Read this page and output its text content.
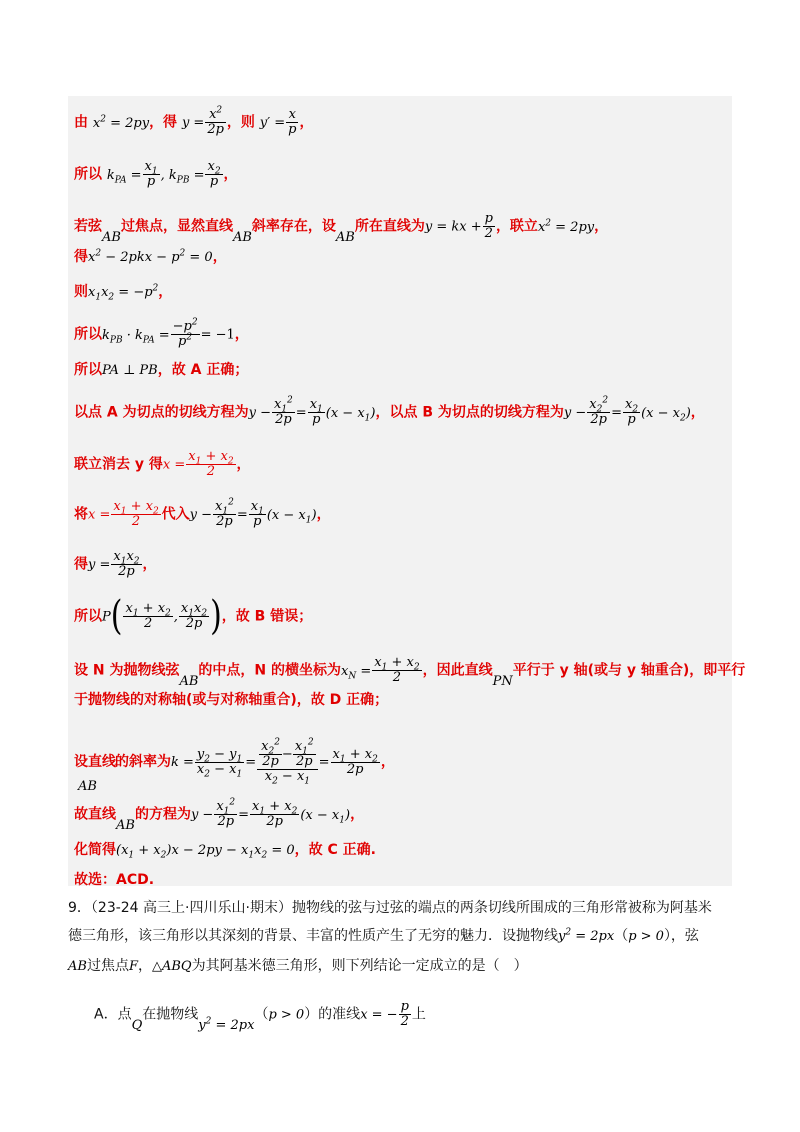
由 $x^2 = 2py$，得 $y = \frac{x^2}{2p}$ ，则 $y' = \frac{x}{p}$ ，
所以 $k_{PA} = \frac{x_1}{p}$ , $k_{PB} = \frac{x_2}{p}$ ，
若弦AB过焦点，显然直线AB斜率存在，设AB所在直线为y = kx + $\frac{p}{2}$ ，联立$x^2 = 2py$，
得$x^2 - 2pkx - p^2 = 0$，
则$x_1x_2 = -p^2$，
所以$k_{PB} \cdot k_{PA} = \frac{-p^2}{p^2} = -1$，
所以PA ⊥ PB，故 A 正确；
以点 A 为切点的切线方程为$y - \frac{x_1^2}{2p} = \frac{x_1}{p} (x - x_1)$，以点 B 为切点的切线方程为$y - \frac{x_2^2}{2p} = \frac{x_2}{p} (x - x_2)$，
联立消去 y 得$x = \frac{x_1 + x_2}{2}$ ，
将$x = \frac{x_1 + x_2}{2}$ 代入$y - \frac{x_1^2}{2p} = \frac{x_1}{p} (x - x_1)$，
得$y = \frac{x_1x_2}{2p}$ ，
所以$P( \frac{x_1 + x_2}{2}$ , $\frac{x_1x_2}{2p}$ )，故 B 错误；
设 N 为抛物线弦AB的中点，N 的横坐标为$x_N = \frac{x_1 + x_2}{2}$ ，因此直线PN平行于 y 轴(或与 y 轴重合)，即平行
于抛物线的对称轴(或与对称轴重合)，故 D 正确；
设直线AB的斜率为$k = \frac{y_2 - y_1}{x_2 - x_1} = \frac{\frac{x_2^2}{2p} - \frac{x_1^2}{2p}}{x_2 - x_1} = \frac{x_1 + x_2}{2p}$ ，
故直线AB的方程为$y - \frac{x_1^2}{2p} = \frac{x_1 + x_2}{2p} (x - x_1)$，
化简得$(x_1 + x_2)x - 2py - x_1x_2 = 0$，故 C 正确.
故选：ACD.
9．（23-24 高三上·四川乐山·期末）抛物线的弦与过弦的端点的两条切线所围成的三角形常被称为阿基米
德三角形，该三角形以其深刻的背景、丰富的性质产生了无穷的魅力．设抛物线$y^2 = 2px(p > 0)$，弦
AB过焦点F，△ABQ为其阿基米德三角形，则下列结论一定成立的是（　）
A．点Q在抛物线$y^2 = 2px(p > 0)$的准线x = − $\frac{p}{2}$ 上
